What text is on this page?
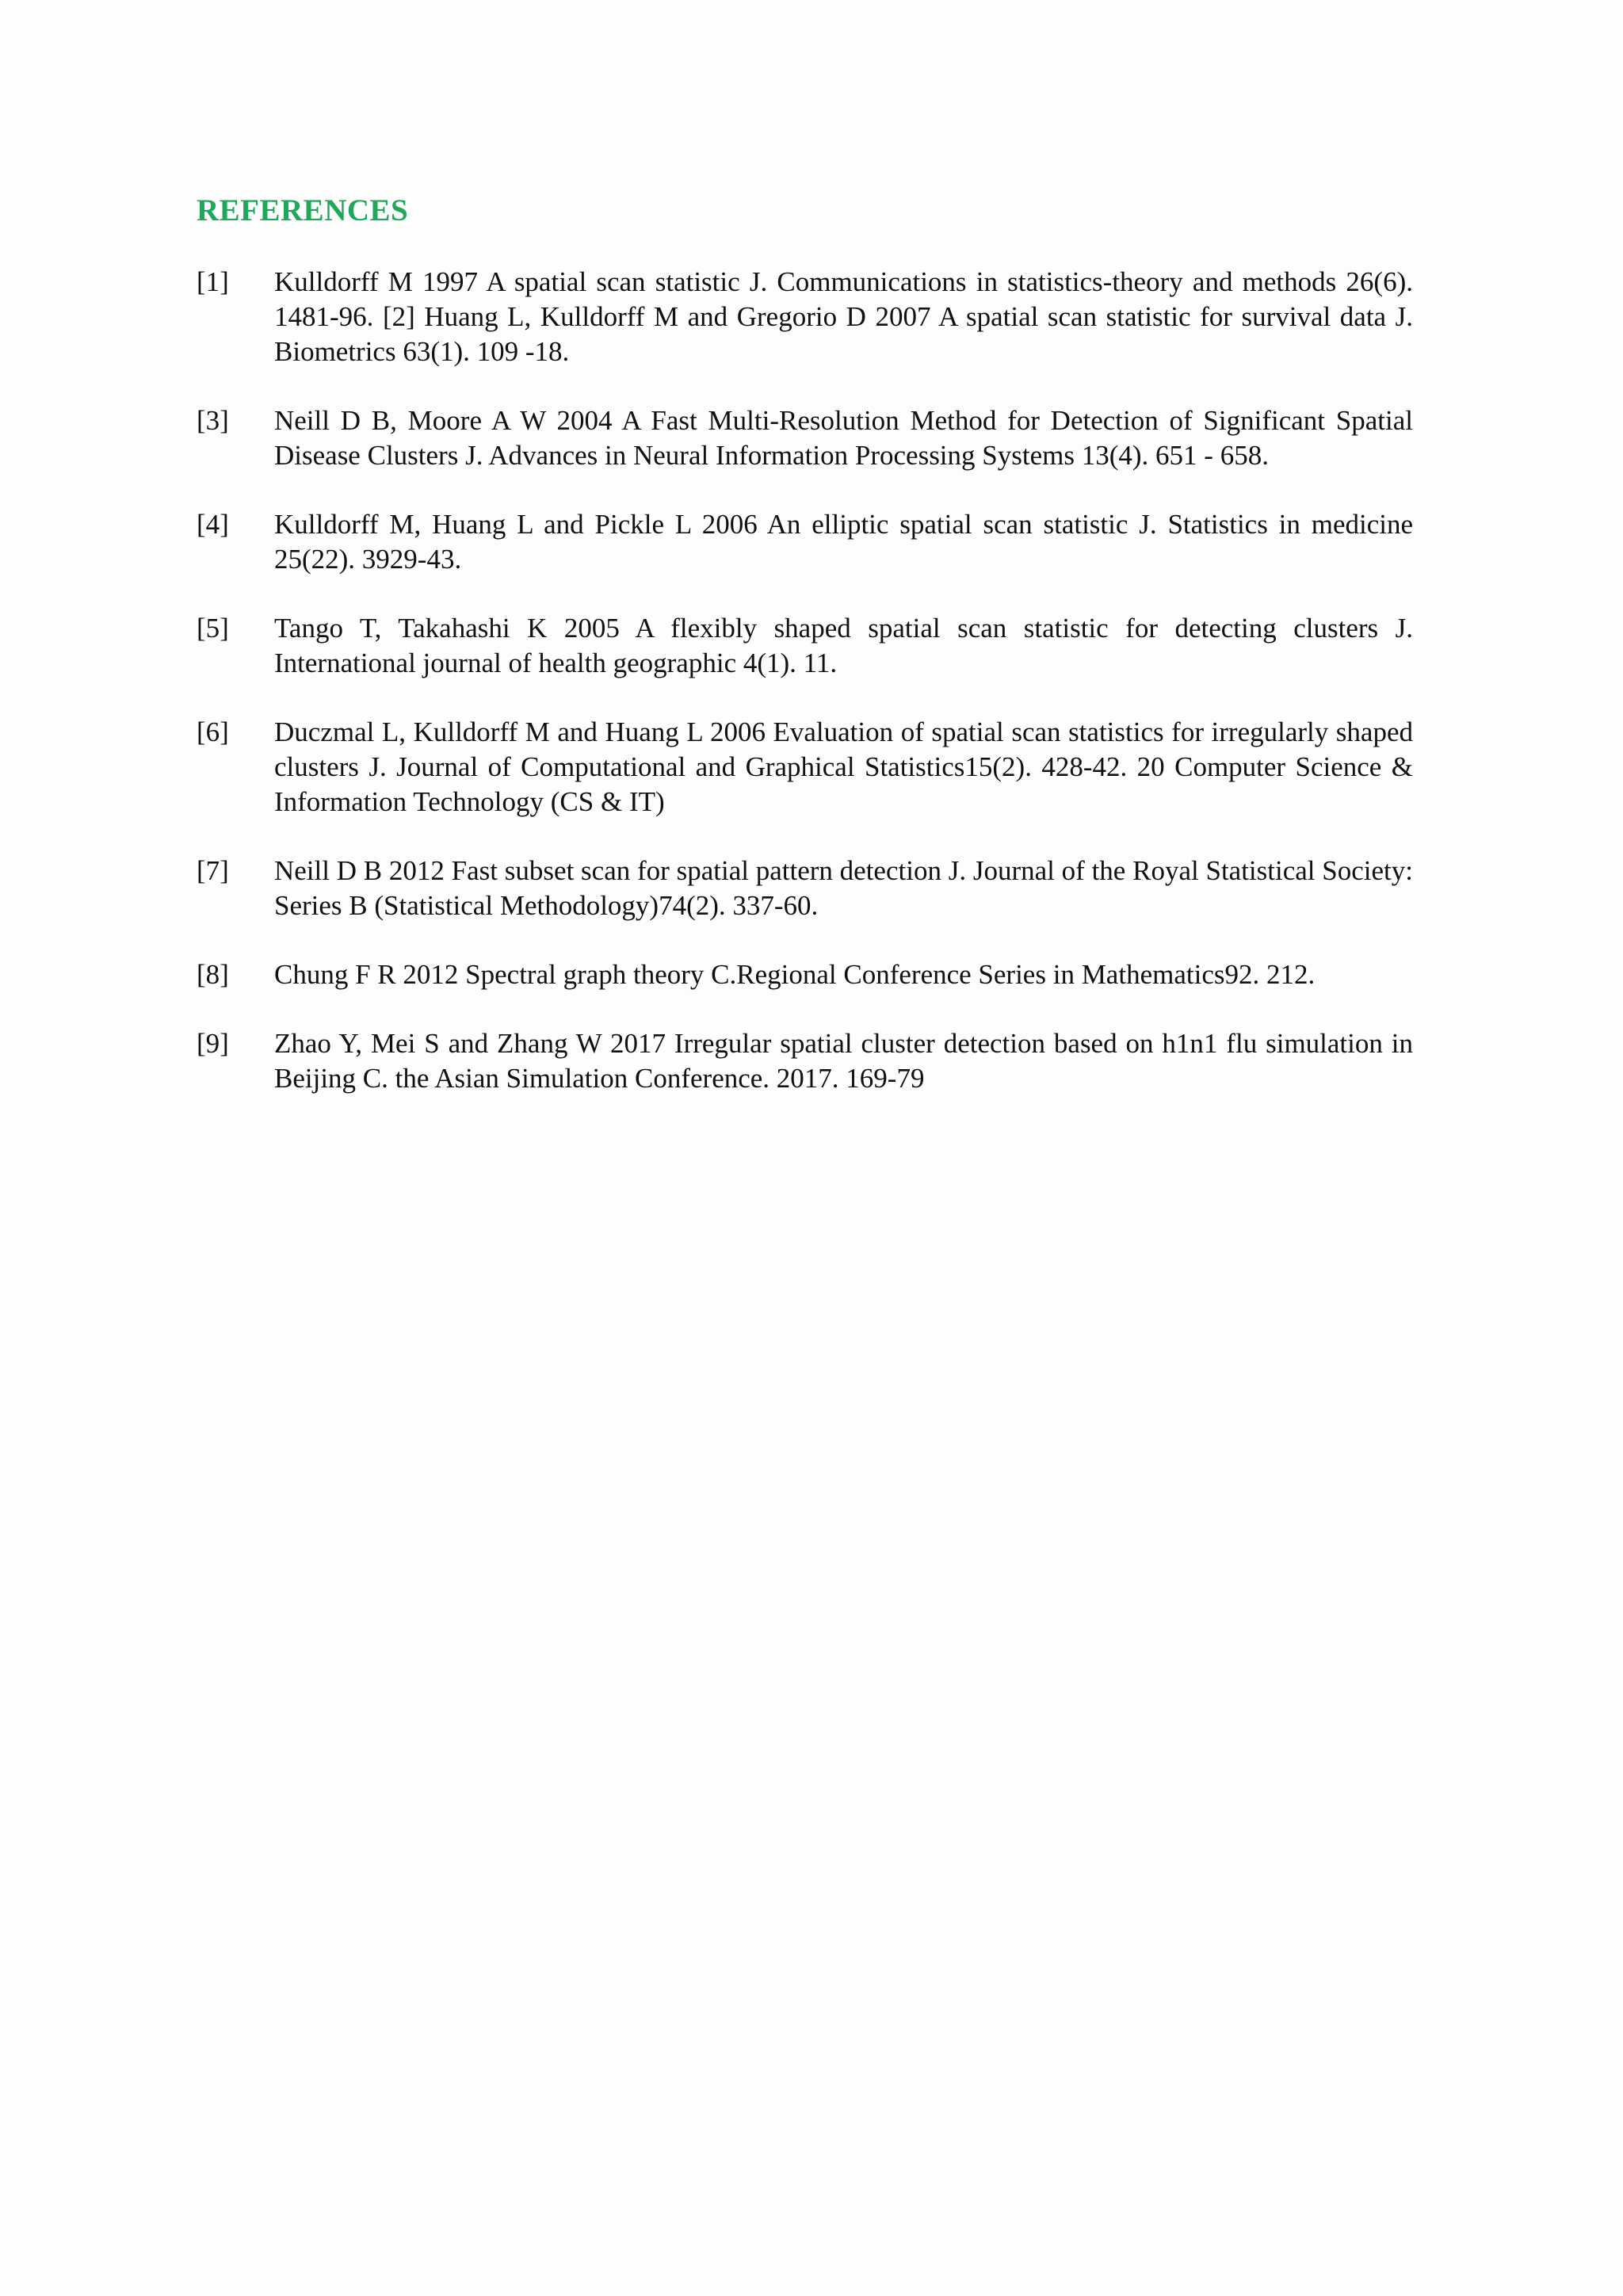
REFERENCES
[1] Kulldorff M 1997 A spatial scan statistic J. Communications in statistics-theory and methods 26(6). 1481-96. [2] Huang L, Kulldorff M and Gregorio D 2007 A spatial scan statistic for survival data J. Biometrics 63(1). 109 -18.
[3] Neill D B, Moore A W 2004 A Fast Multi-Resolution Method for Detection of Significant Spatial Disease Clusters J. Advances in Neural Information Processing Systems 13(4). 651 - 658.
[4] Kulldorff M, Huang L and Pickle L 2006 An elliptic spatial scan statistic J. Statistics in medicine 25(22). 3929-43.
[5] Tango T, Takahashi K 2005 A flexibly shaped spatial scan statistic for detecting clusters J. International journal of health geographic 4(1). 11.
[6] Duczmal L, Kulldorff M and Huang L 2006 Evaluation of spatial scan statistics for irregularly shaped clusters J. Journal of Computational and Graphical Statistics15(2). 428-42. 20 Computer Science & Information Technology (CS & IT)
[7] Neill D B 2012 Fast subset scan for spatial pattern detection J. Journal of the Royal Statistical Society: Series B (Statistical Methodology)74(2). 337-60.
[8] Chung F R 2012 Spectral graph theory C.Regional Conference Series in Mathematics92. 212.
[9] Zhao Y, Mei S and Zhang W 2017 Irregular spatial cluster detection based on h1n1 flu simulation in Beijing C. the Asian Simulation Conference. 2017. 169-79
